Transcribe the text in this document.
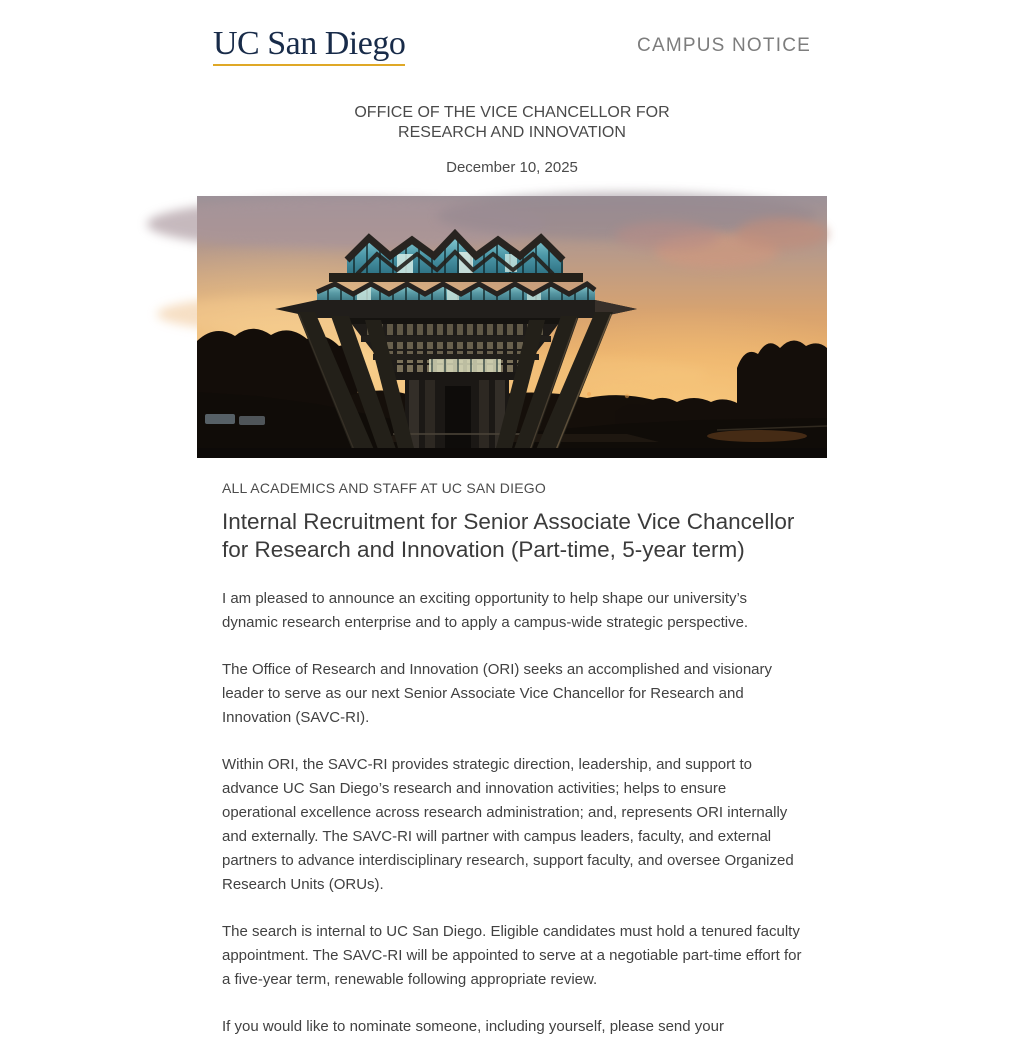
UC San Diego	CAMPUS NOTICE
OFFICE OF THE VICE CHANCELLOR FOR
RESEARCH AND INNOVATION
December 10, 2025
ALL ACADEMICS AND STAFF AT UC SAN DIEGO
Internal Recruitment for Senior Associate Vice Chancellor for Research and Innovation (Part-time, 5-year term)

I am pleased to announce an exciting opportunity to help shape our university’s dynamic research enterprise and to apply a campus-wide strategic perspective.

The Office of Research and Innovation (ORI) seeks an accomplished and visionary leader to serve as our next Senior Associate Vice Chancellor for Research and Innovation (SAVC-RI).

Within ORI, the SAVC-RI provides strategic direction, leadership, and support to advance UC San Diego’s research and innovation activities; helps to ensure operational excellence across research administration; and, represents ORI internally and externally. The SAVC-RI will partner with campus leaders, faculty, and external partners to advance interdisciplinary research, support faculty, and oversee Organized Research Units (ORUs).

The search is internal to UC San Diego. Eligible candidates must hold a tenured faculty appointment. The SAVC-RI will be appointed to serve at a negotiable part-time effort for a five-year term, renewable following appropriate review.

If you would like to nominate someone, including yourself, please send your
